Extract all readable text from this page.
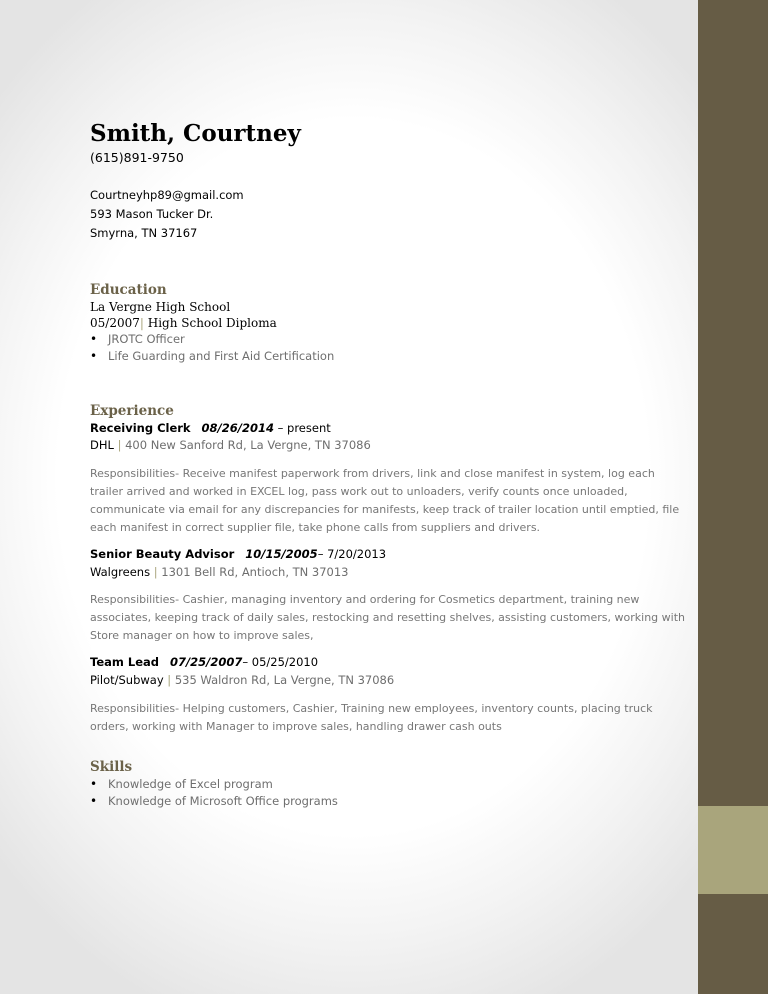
Smith, Courtney
(615)891-9750
Courtneyhp89@gmail.com
593 Mason Tucker Dr.
Smyrna, TN 37167
Education
La Vergne High School
05/2007| High School Diploma
• JROTC Officer
• Life Guarding and First Aid Certification
Experience
Receiving Clerk 08/26/2014 – present
DHL | 400 New Sanford Rd, La Vergne, TN 37086
Responsibilities- Receive manifest paperwork from drivers, link and close manifest in system, log each trailer arrived and worked in EXCEL log, pass work out to unloaders, verify counts once unloaded, communicate via email for any discrepancies for manifests, keep track of trailer location until emptied, file each manifest in correct supplier file, take phone calls from suppliers and drivers.
Senior Beauty Advisor 10/15/2005– 7/20/2013
Walgreens | 1301 Bell Rd, Antioch, TN 37013
Responsibilities- Cashier, managing inventory and ordering for Cosmetics department, training new associates, keeping track of daily sales, restocking and resetting shelves, assisting customers, working with Store manager on how to improve sales,
Team Lead 07/25/2007– 05/25/2010
Pilot/Subway | 535 Waldron Rd, La Vergne, TN 37086
Responsibilities- Helping customers, Cashier, Training new employees, inventory counts, placing truck orders, working with Manager to improve sales, handling drawer cash outs
Skills
• Knowledge of Excel program
• Knowledge of Microsoft Office programs
